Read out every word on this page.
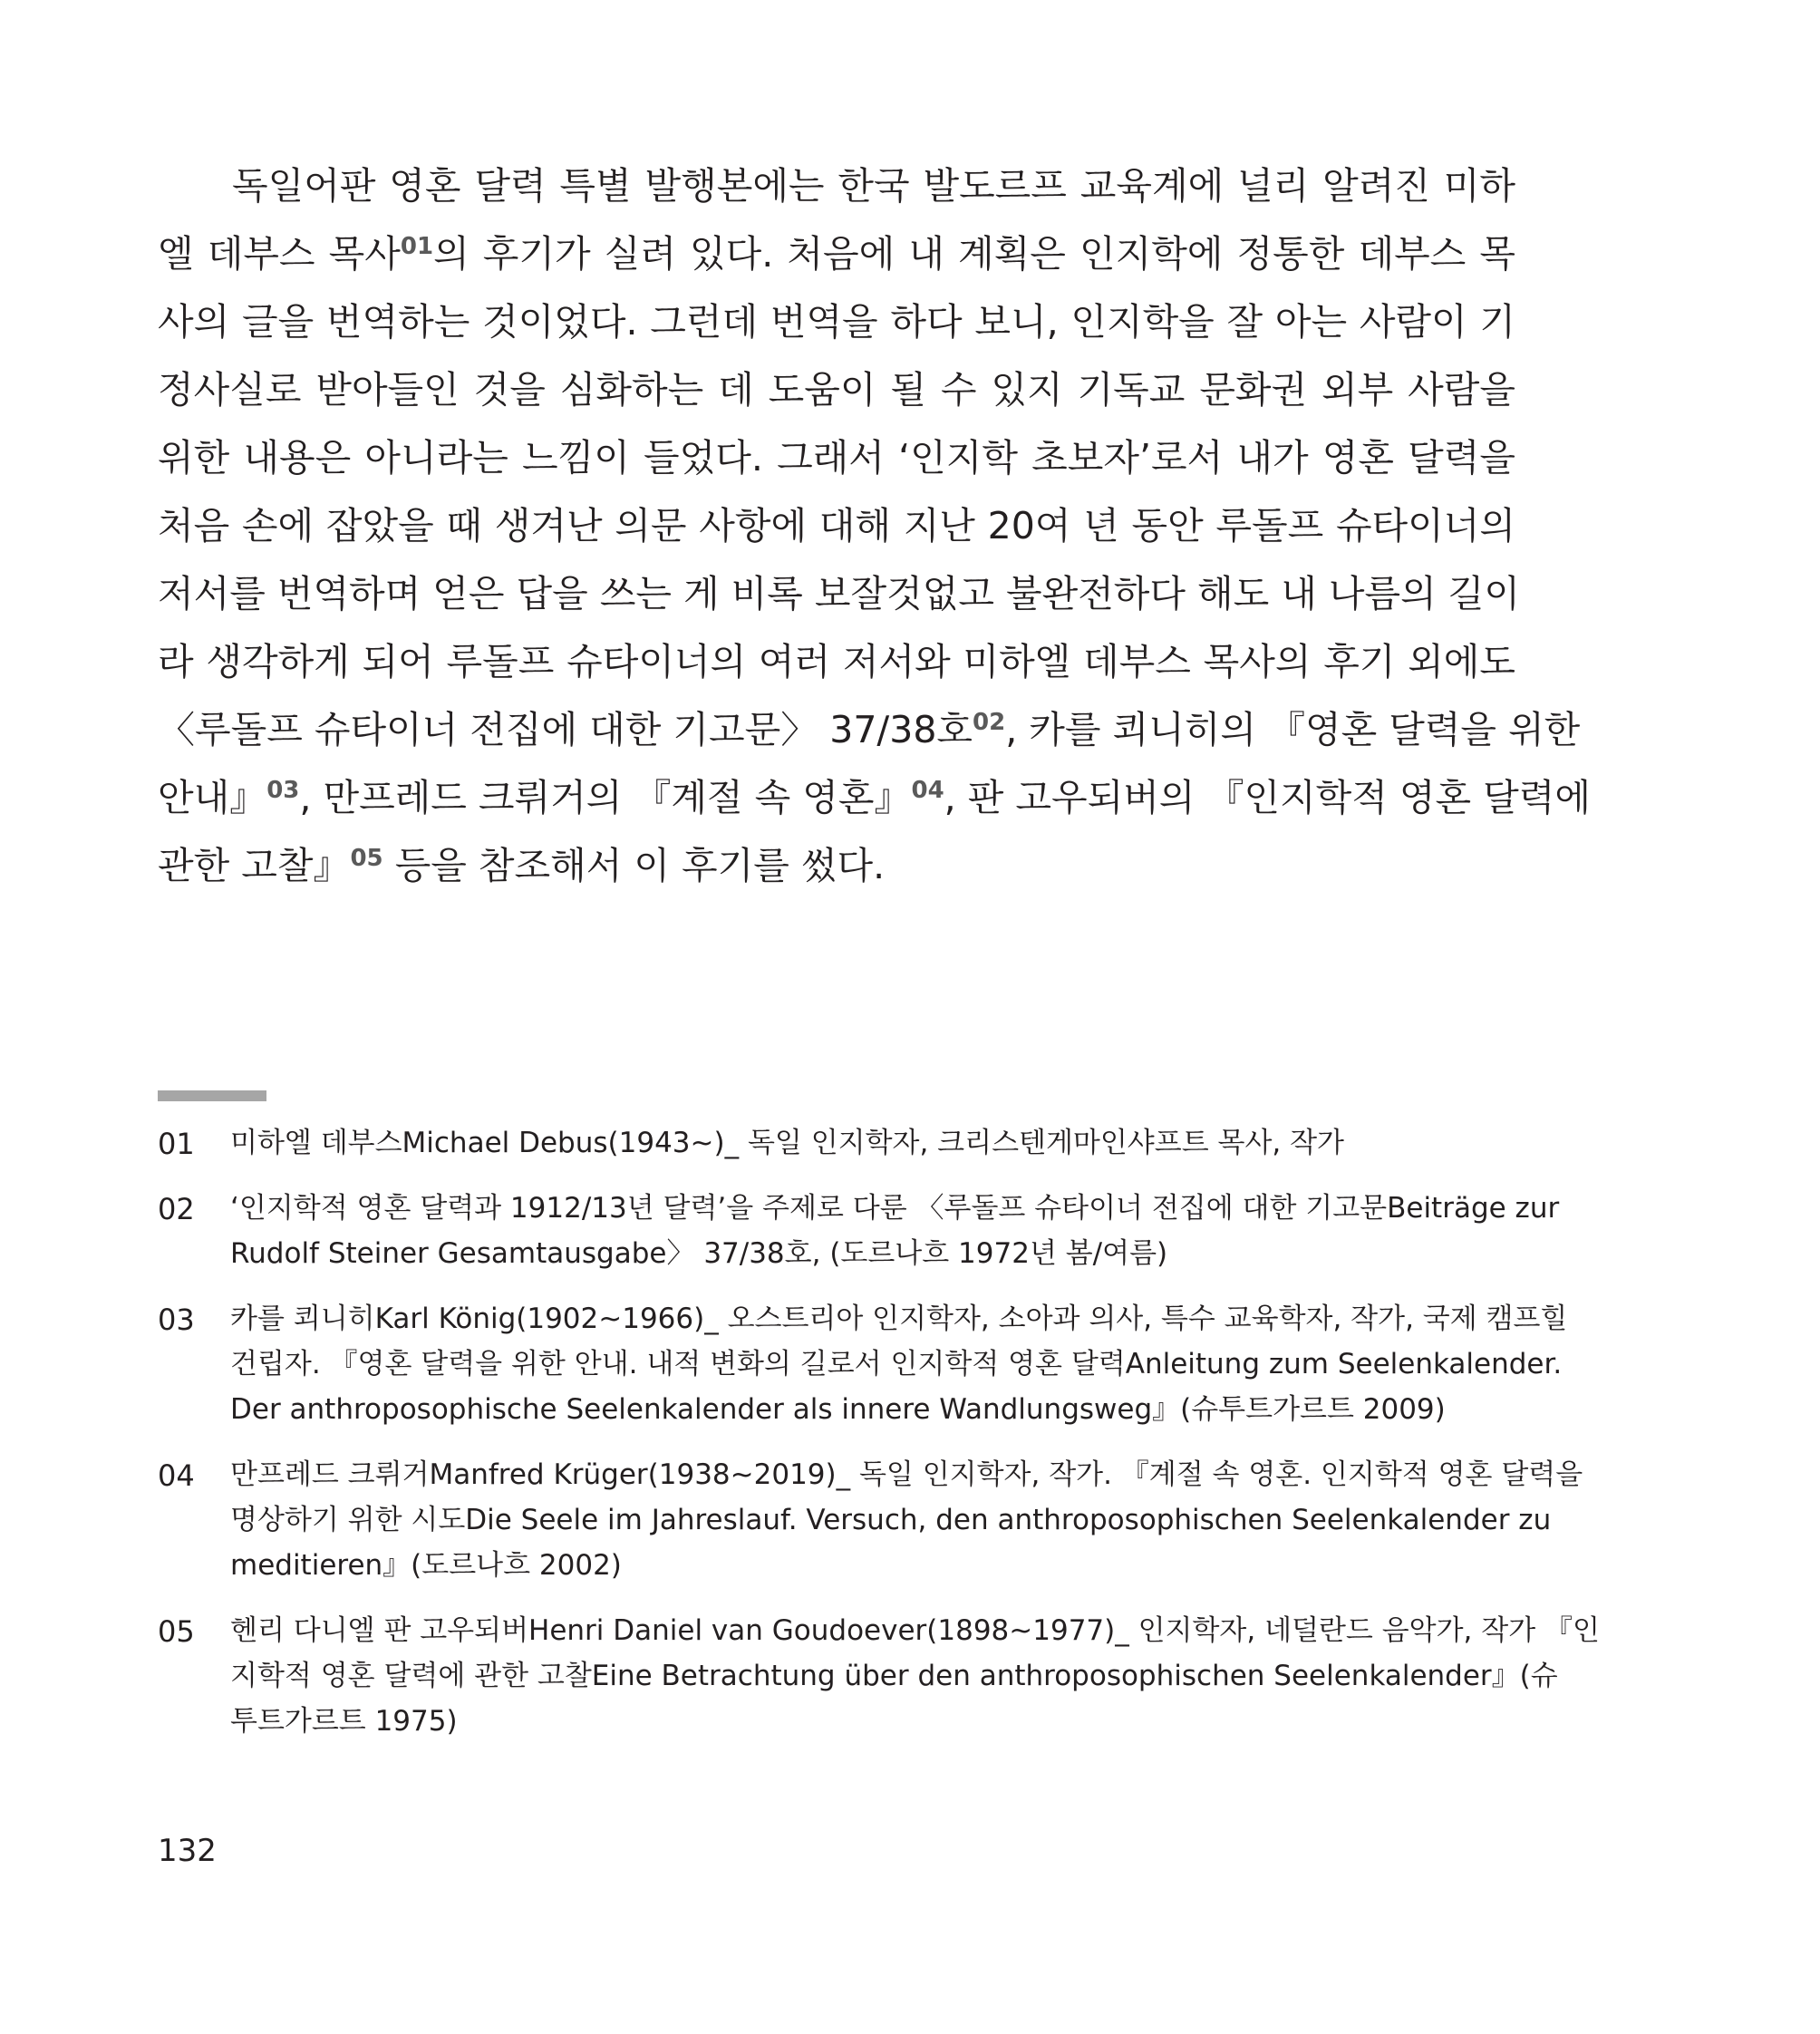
독일어판 영혼 달력 특별 발행본에는 한국 발도르프 교육계에 널리 알려진 미하
엘 데부스 목사$^{01}$의 후기가 실려 있다. 처음에 내 계획은 인지학에 정통한 데부스 목
사의 글을 번역하는 것이었다. 그런데 번역을 하다 보니, 인지학을 잘 아는 사람이 기
정사실로 받아들인 것을 심화하는 데 도움이 될 수 있지 기독교 문화권 외부 사람을
위한 내용은 아니라는 느낌이 들었다. 그래서 ‘인지학 초보자’로서 내가 영혼 달력을
처음 손에 잡았을 때 생겨난 의문 사항에 대해 지난 20여 년 동안 루돌프 슈타이너의
저서를 번역하며 얻은 답을 쓰는 게 비록 보잘것없고 불완전하다 해도 내 나름의 길이
라 생각하게 되어 루돌프 슈타이너의 여러 저서와 미하엘 데부스 목사의 후기 외에도
〈루돌프 슈타이너 전집에 대한 기고문〉 37/38호$^{02}$, 카를 쾨니히의 『영혼 달력을 위한
안내』$^{03}$, 만프레드 크뤼거의 『계절 속 영혼』$^{04}$, 판 고우되버의 『인지학적 영혼 달력에
관한 고찰』$^{05}$ 등을 참조해서 이 후기를 썼다.
01 미하엘 데부스Michael Debus(1943~)_ 독일 인지학자, 크리스텐게마인샤프트 목사, 작가
02 ‘인지학적 영혼 달력과 1912/13년 달력’을 주제로 다룬 〈루돌프 슈타이너 전집에 대한 기고문Beiträge zur
Rudolf Steiner Gesamtausgabe〉 37/38호, (도르나흐 1972년 봄/여름)
03 카를 쾨니히Karl König(1902~1966)_ 오스트리아 인지학자, 소아과 의사, 특수 교육학자, 작가, 국제 캠프힐
건립자. 『영혼 달력을 위한 안내. 내적 변화의 길로서 인지학적 영혼 달력Anleitung zum Seelenkalender.
Der anthroposophische Seelenkalender als innere Wandlungsweg』(슈투트가르트 2009)
04 만프레드 크뤼거Manfred Krüger(1938~2019)_ 독일 인지학자, 작가. 『계절 속 영혼. 인지학적 영혼 달력을
명상하기 위한 시도Die Seele im Jahreslauf. Versuch, den anthroposophischen Seelenkalender zu
meditieren』(도르나흐 2002)
05 헨리 다니엘 판 고우되버Henri Daniel van Goudoever(1898~1977)_ 인지학자, 네덜란드 음악가, 작가 『인
지학적 영혼 달력에 관한 고찰Eine Betrachtung über den anthroposophischen Seelenkalender』(슈
투트가르트 1975)
132
